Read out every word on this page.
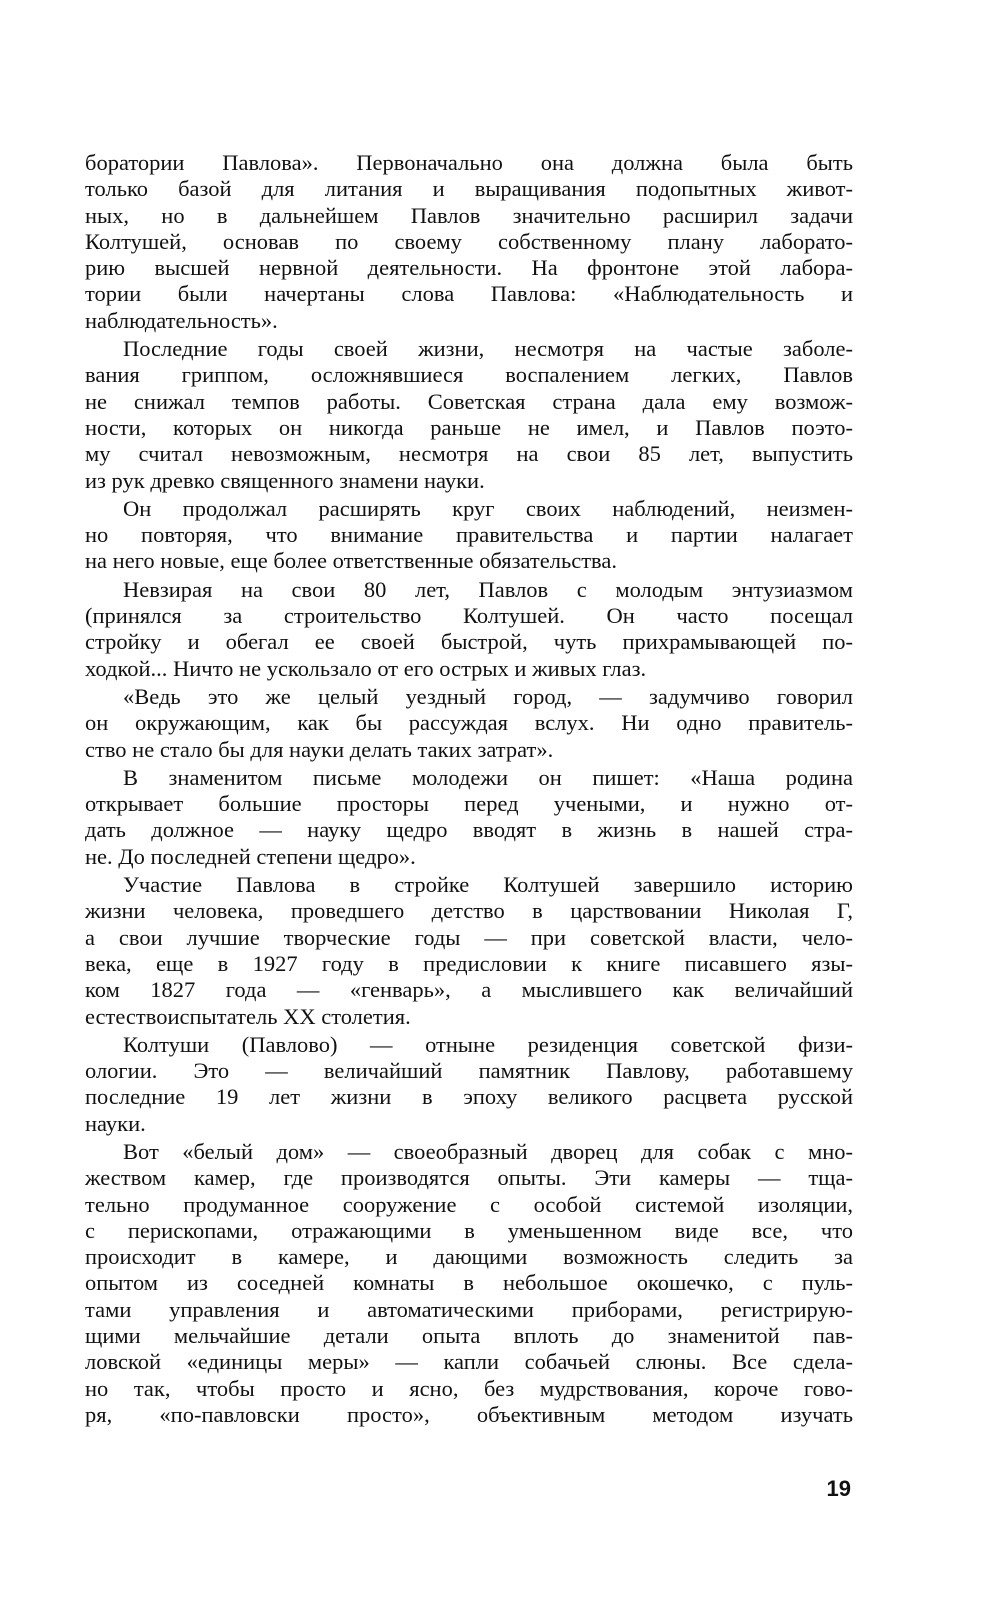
боратории Павлова». Первоначально она должна была быть
только базой для литания и выращивания подопытных живот-
ных, но в дальнейшем Павлов значительно расширил задачи
Колтушей, основав по своему собственному плану лаборато-
рию высшей нервной деятельности. На фронтоне этой лабора-
тории были начертаны слова Павлова: «Наблюдательность и
наблюдательность».
Последние годы своей жизни, несмотря на частые заболе-
вания гриппом, осложнявшиеся воспалением легких, Павлов
не снижал темпов работы. Советская страна дала ему возмож-
ности, которых он никогда раньше не имел, и Павлов поэто-
му считал невозможным, несмотря на свои 85 лет, выпустить
из рук древко священного знамени науки.
Он продолжал расширять круг своих наблюдений, неизмен-
но повторяя, что внимание правительства и партии налагает
на него новые, еще более ответственные обязательства.
Невзирая на свои 80 лет, Павлов с молодым энтузиазмом
(принялся за строительство Колтушей. Он часто посещал
стройку и обегал ее своей быстрой, чуть прихрамывающей по-
ходкой... Ничто не ускользало от его острых и живых глаз.
«Ведь это же целый уездный город, — задумчиво говорил
он окружающим, как бы рассуждая вслух. Ни одно правитель-
ство не стало бы для науки делать таких затрат».
В знаменитом письме молодежи он пишет: «Наша родина
открывает большие просторы перед учеными, и нужно от-
дать должное — науку щедро вводят в жизнь в нашей стра-
не. До последней степени щедро».
Участие Павлова в стройке Колтушей завершило историю
жизни человека, проведшего детство в царствовании Николая Г,
а свои лучшие творческие годы — при советской власти, чело-
века, еще в 1927 году в предисловии к книге писавшего язы-
ком 1827 года — «генварь», а мыслившего как величайший
естествоиспытатель XX столетия.
Колтуши (Павлово) — отныне резиденция советской физи-
ологии. Это — величайший памятник Павлову, работавшему
последние 19 лет жизни в эпоху великого расцвета русской
науки.
Вот «белый дом» — своеобразный дворец для собак с мно-
жеством камер, где производятся опыты. Эти камеры — тща-
тельно продуманное сооружение с особой системой изоляции,
с перископами, отражающими в уменьшенном виде все, что
происходит в камере, и дающими возможность следить за
опытом из соседней комнаты в небольшое окошечко, с пуль-
тами управления и автоматическими приборами, регистрирую-
щими мельчайшие детали опыта вплоть до знаменитой пав-
ловской «единицы меры» — капли собачьей слюны. Все сдела-
но так, чтобы просто и ясно, без мудрствования, короче гово-
ря, «по-павловски просто», объективным методом изучать
19
